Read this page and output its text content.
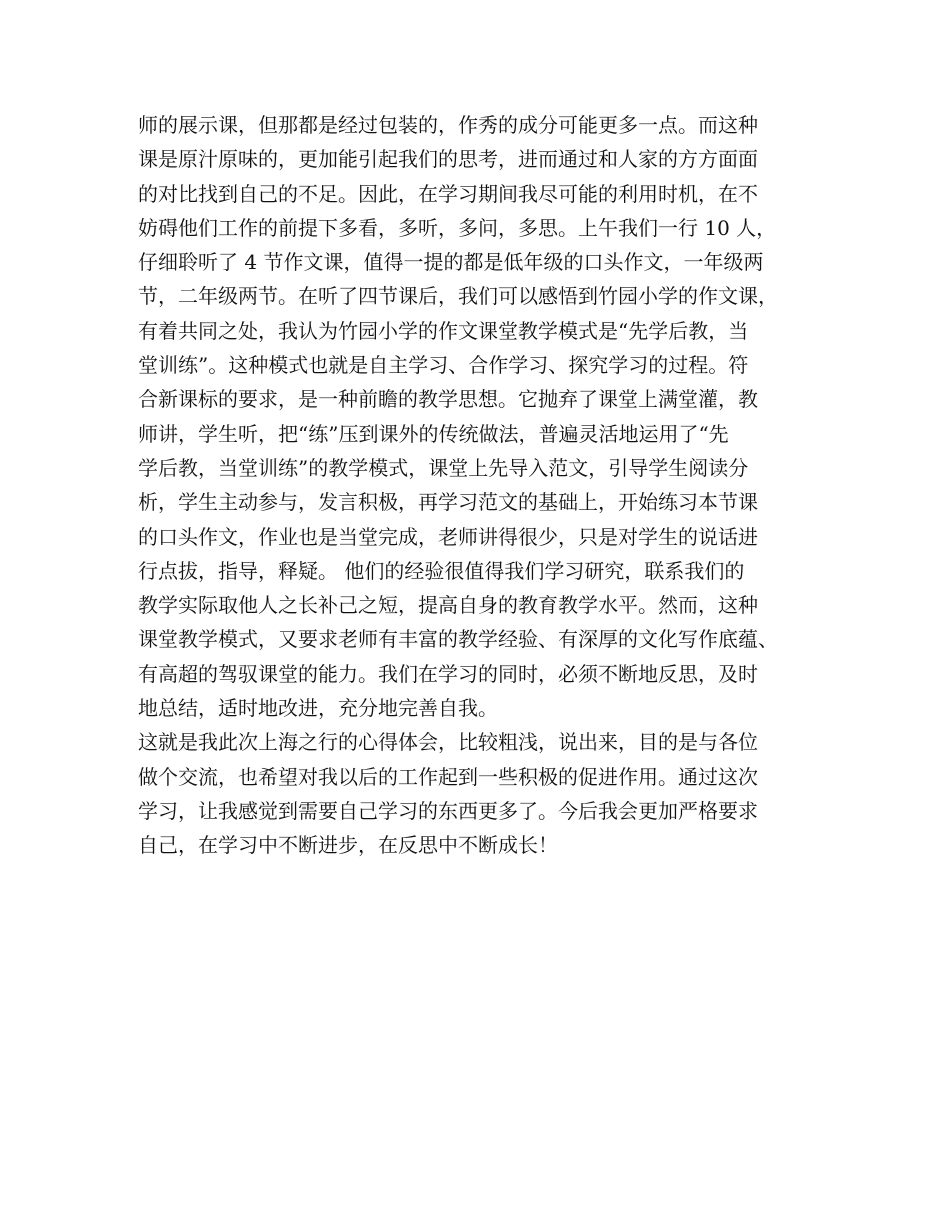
师的展示课，但那都是经过包装的，作秀的成分可能更多一点。而这种
课是原汁原味的，更加能引起我们的思考，进而通过和人家的方方面面
的对比找到自己的不足。因此，在学习期间我尽可能的利用时机，在不
妨碍他们工作的前提下多看，多听，多问，多思。上午我们一行 10 人，
仔细聆听了 4 节作文课，值得一提的都是低年级的口头作文，一年级两
节，二年级两节。在听了四节课后，我们可以感悟到竹园小学的作文课，
有着共同之处，我认为竹园小学的作文课堂教学模式是“先学后教，当
堂训练”。这种模式也就是自主学习、合作学习、探究学习的过程。符
合新课标的要求，是一种前瞻的教学思想。它抛弃了课堂上满堂灌，教
师讲，学生听，把“练”压到课外的传统做法，普遍灵活地运用了“先
学后教，当堂训练”的教学模式，课堂上先导入范文，引导学生阅读分
析，学生主动参与，发言积极，再学习范文的基础上，开始练习本节课
的口头作文，作业也是当堂完成，老师讲得很少，只是对学生的说话进
行点拔，指导，释疑。 他们的经验很值得我们学习研究，联系我们的
教学实际取他人之长补己之短，提高自身的教育教学水平。然而，这种
课堂教学模式，又要求老师有丰富的教学经验、有深厚的文化写作底蕴、
有高超的驾驭课堂的能力。我们在学习的同时，必须不断地反思，及时
地总结，适时地改进，充分地完善自我。
这就是我此次上海之行的心得体会，比较粗浅，说出来，目的是与各位
做个交流，也希望对我以后的工作起到一些积极的促进作用。通过这次
学习，让我感觉到需要自己学习的东西更多了。今后我会更加严格要求
自己，在学习中不断进步，在反思中不断成长！
